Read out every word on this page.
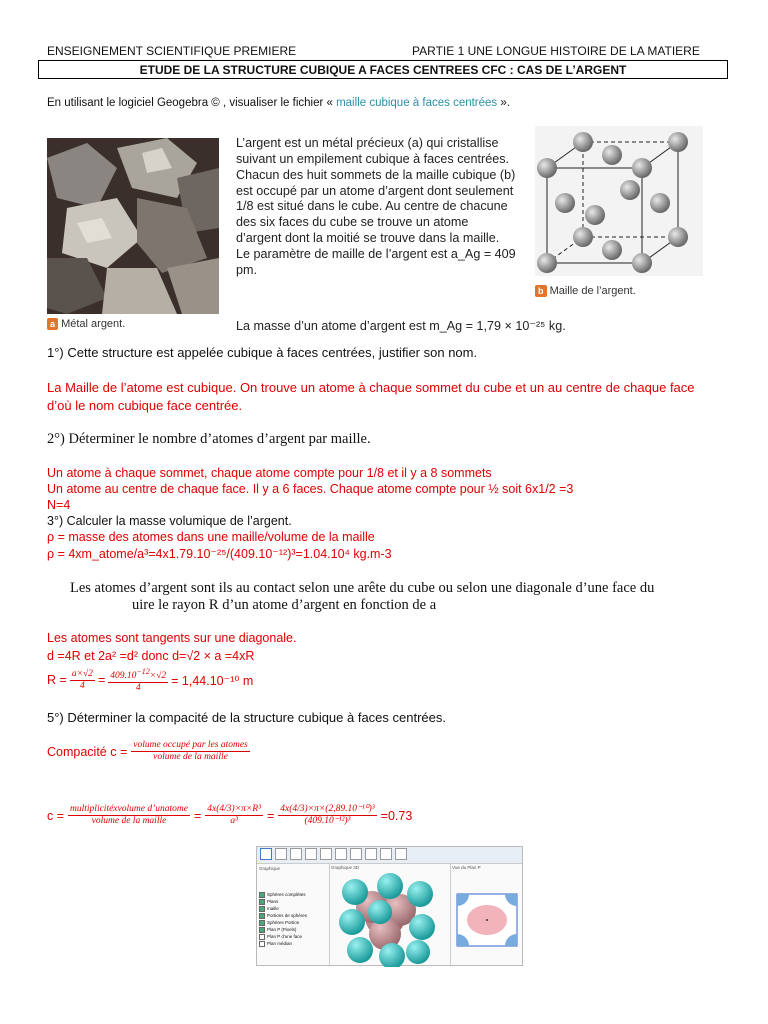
ENSEIGNEMENT SCIENTIFIQUE PREMIERE	PARTIE 1 UNE LONGUE HISTOIRE DE LA MATIERE
ETUDE DE LA STRUCTURE CUBIQUE A FACES CENTREES CFC : CAS DE L’ARGENT
En utilisant le logiciel Geogebra © , visualiser le fichier « maille cubique à faces centrées ».
a Métal argent.

L’argent est un métal précieux (a) qui cristallise suivant un empilement cubique à faces centrées.

Chacun des huit sommets de la maille cubique (b) est occupé par un atome d’argent dont seulement 1/8 est situé dans le cube. Au centre de chacune des six faces du cube se trouve un atome d’argent dont la moitié se trouve dans la maille.

Le paramètre de maille de l’argent est a_Ag = 409 pm.

La masse d’un atome d’argent est m_Ag = 1,79 × 10⁻²⁵ kg.
b Maille de l’argent.
1°) Cette structure est appelée cubique à faces centrées, justifier son nom.
La Maille de l’atome est cubique. On trouve un atome à chaque sommet du cube et un au centre de chaque face d’où le nom cubique face centrée.
2°) Déterminer le nombre d’atomes d’argent par maille.
Un atome à chaque sommet, chaque atome compte pour 1/8 et il y a 8 sommets
Un atome au centre de chaque face. Il y a 6 faces. Chaque atome compte pour ½ soit 6x1/2 =3
N=4
3°) Calculer la masse volumique de l’argent.
ρ = masse des atomes dans une maille/volume de la maille
ρ = 4xm_atome/a³=4x1.79.10⁻²⁵/(409.10⁻¹²)³=1.04.10⁴ kg.m-3
Les atomes d’argent sont ils au contact selon une arête du cube ou selon une diagonale d’une face du
uire le rayon R d’un atome d’argent en fonction de a
Les atomes sont tangents sur une diagonale.
d =4R et 2a² =d² donc d=√2 × a =4xR
$R = \frac{a\times√2}{4} = \frac{409.10^{-12}\times√2}{4} = 1,44.10^{-10}$ m
5°) Déterminer la compacité de la structure cubique à faces centrées.
Compacité $c = \frac{\text{volume occupé par les atomes}}{\text{volume de la maille}}$
$c = \frac{\text{multiplicitéxvolume d’unatome}}{\text{volume de la maille}} = \frac{\text{4x(4/3)×π×R³}}{\text{a³}} = \frac{\text{4x(4/3)×π×(2,89.10⁻¹⁰)³}}{\text{(409.10⁻¹²)³}} =0.73$
Graphique
Sphères complètes
Plans
maille
Portions de sphères
Sphères Portion
Plan P (Pixels)
Plan P d'une face
Plan médian
Graphique 3D	Vue du Plan P
